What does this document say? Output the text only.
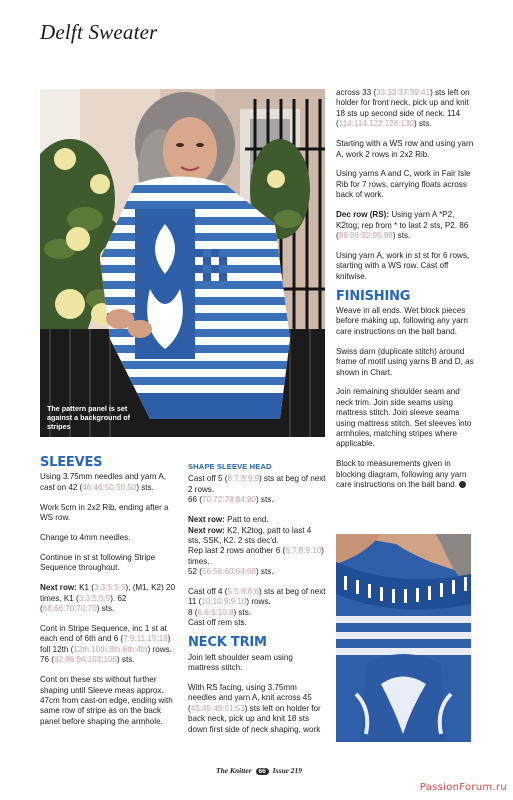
Delft Sweater
The pattern panel is set against a background of stripes
SLEEVES

Using 3.75mm needles and yarn A, cast on 42 (46:46:50:50:50) sts.

Work 5cm in 2x2 Rib, ending after a WS row.

Change to 4mm needles.

Continue in st st following Stripe Sequence throughout.

Next row: K1 (3:3:5:5:5), (M1, K2) 20 times, K1 (3:3:5:5:5). 62 (66:66:70:70:70) sts.

Cont in Stripe Sequence, inc 1 st at each end of 6th and 6 (7:9:11:15:18) foll 12th (12th:10th:8th:6th:4th) rows. 76 (82:86:94:102:108) sts.

Cont on these sts without further shaping until Sleeve meas approx. 47cm from cast-on edge, ending with same row of stripe as on the back panel before shaping the armhole.

SHAPE SLEEVE HEAD

Cast off 5 (6:7:8:9:9) sts at beg of next 2 rows.
66 (70:72:78:84:90) sts.

Next row: Patt to end.

Next row: K2, K2tog, patt to last 4 sts, SSK, K2. 2 sts dec'd.

Rep last 2 rows another 6 (6:7:8:9:10) times.
52 (56:56:60:64:68) sts.

Cast off 4 (5:5:6:6:6) sts at beg of next 11 (10:10:9:9:10) rows.
8 (6:6:6:10:8) sts.
Cast off rem sts.

NECK TRIM

Join left shoulder seam using mattress stitch.

With RS facing, using 3.75mm needles and yarn A, knit across 45 (45:45:49:51:53) sts left on holder for back neck, pick up and knit 18 sts down first side of neck shaping, work

across 33 (33:33:37:39:41) sts left on holder for front neck, pick up and knit 18 sts up second side of neck. 114 (114:114:122:126:130) sts.

Starting with a WS row and using yarn A, work 2 rows in 2x2 Rib.

Using yarns A and C, work in Fair Isle Rib for 7 rows, carrying floats across back of work.

Dec row (RS): Using yarn A *P2, K2tog; rep from * to last 2 sts, P2. 86 (86:86:92:95:98) sts.

Using yarn A, work in st st for 6 rows, starting with a WS row. Cast off knitwise.

FINISHING

Weave in all ends. Wet block pieces before making up, following any yarn care instructions on the ball band.

Swiss darn (duplicate stitch) around frame of motif using yarns B and D, as shown in Chart.

Join remaining shoulder seam and neck trim. Join side seams using mattress stitch. Join sleeve seams using mattress stitch. Set sleeves into armholes, matching stripes where applicable.

Block to measurements given in blocking diagram, following any yarn care instructions on the ball band.

The Knitter 66 Issue 219
PassionForum.ru
